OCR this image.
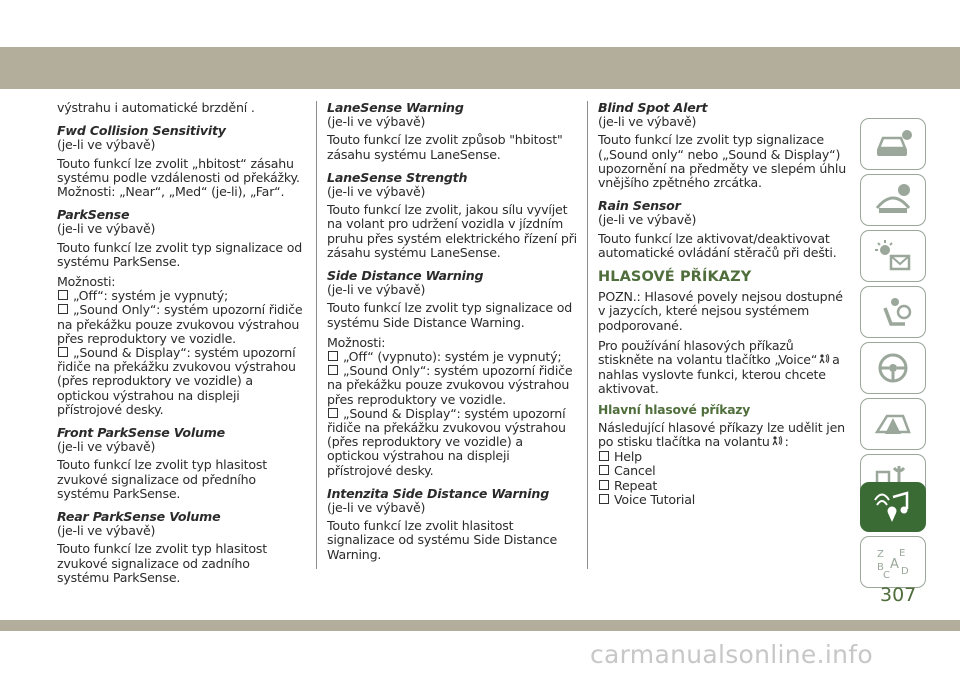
výstrahu i automatické brzdění .

Fwd Collision Sensitivity

(je-li ve výbavě)

Touto funkcí lze zvolit „hbitost“ zásahu systému podle vzdálenosti od překážky. Možnosti: „Near“, „Med“ (je-li), „Far“.

ParkSense

(je-li ve výbavě)

Touto funkcí lze zvolit typ signalizace od systému ParkSense.

Možnosti:

„Off“: systém je vypnutý;
„Sound Only“: systém upozorní řidiče na překážku pouze zvukovou výstrahou přes reproduktory ve vozidle.
„Sound & Display“: systém upozorní řidiče na překážku zvukovou výstrahou (přes reproduktory ve vozidle) a optickou výstrahou na displeji přístrojové desky.

Front ParkSense Volume

(je-li ve výbavě)

Touto funkcí lze zvolit typ hlasitost zvukové signalizace od předního systému ParkSense.

Rear ParkSense Volume

(je-li ve výbavě)

Touto funkcí lze zvolit typ hlasitost zvukové signalizace od zadního systému ParkSense.

LaneSense Warning

(je-li ve výbavě)

Touto funkcí lze zvolit způsob "hbitost" zásahu systému LaneSense.

LaneSense Strength

(je-li ve výbavě)

Touto funkcí lze zvolit, jakou sílu vyvíjet na volant pro udržení vozidla v jízdním pruhu přes systém elektrického řízení při zásahu systému LaneSense.

Side Distance Warning

(je-li ve výbavě)

Touto funkcí lze zvolit typ signalizace od systému Side Distance Warning.

Možnosti:

„Off“ (vypnuto): systém je vypnutý;
„Sound Only“: systém upozorní řidiče na překážku pouze zvukovou výstrahou přes reproduktory ve vozidle.
„Sound & Display“: systém upozorní řidiče na překážku zvukovou výstrahou (přes reproduktory ve vozidle) a optickou výstrahou na displeji přístrojové desky.

Intenzita Side Distance Warning

(je-li ve výbavě)

Touto funkcí lze zvolit hlasitost signalizace od systému Side Distance Warning.

Blind Spot Alert

(je-li ve výbavě)

Touto funkcí lze zvolit typ signalizace („Sound only“ nebo „Sound & Display“) upozornění na předměty ve slepém úhlu vnějšího zpětného zrcátka.

Rain Sensor

(je-li ve výbavě)

Touto funkcí lze aktivovat/deaktivovat automatické ovládání stěračů při dešti.

HLASOVÉ PŘÍKAZY

POZN.: Hlasové povely nejsou dostupné v jazycích, které nejsou systémem podporované.

Pro používání hlasových příkazů stiskněte na volantu tlačítko „Voice“ a nahlas vyslovte funkci, kterou chcete aktivovat.

Hlavní hlasové příkazy

Následující hlasové příkazy lze udělit jen po stisku tlačítka na volantu :

Help
Cancel
Repeat
Voice Tutorial
Z E
B A
C D
307
carmanualsonline.info
